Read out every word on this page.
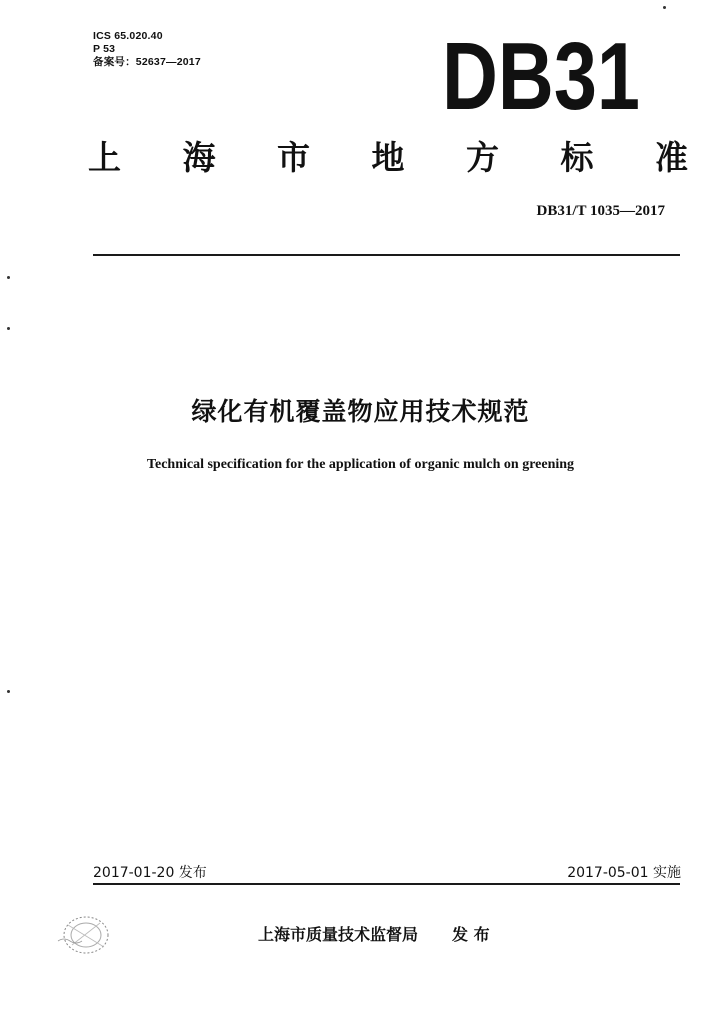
ICS 65.020.40
P 53
备案号：52637—2017	DB31
上 海 市 地 方 标 准
DB31/T 1035—2017
绿化有机覆盖物应用技术规范
Technical specification for the application of organic mulch on greening
2017-01-20 发布	2017-05-01 实施
上海市质量技术监督局 发 布
